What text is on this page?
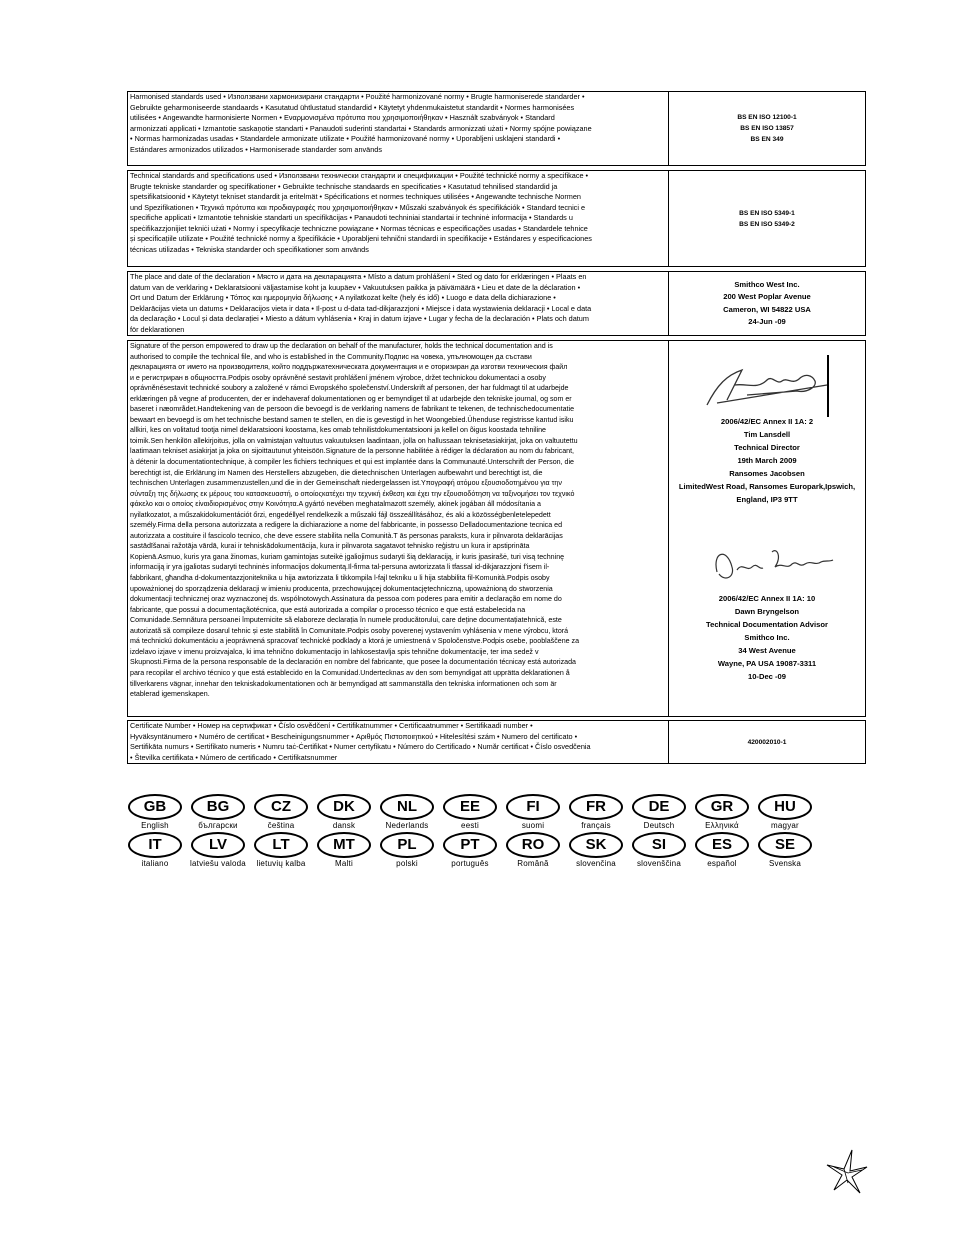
Harmonised standards used • Използвани хармонизирани стандарти • Použité harmonizované normy • Brugte harmoniserede standarder •
Gebruikte geharmoniseerde standaards • Kasutatud ühtlustatud standardid • Käytetyt yhdenmukaistetut standardit • Normes harmonisées
utilisées • Angewandte harmonisierte Normen • Εναρμονισμένα πρότυπα που χρησιμοποιήθηκαν • Használt szabványok • Standard
armonizzati applicati • Izmantotie saskaņotie standarti • Panaudoti suderinti standartai • Standards armonizzati użati • Normy spójne powiązane
• Normas harmonizadas usadas • Standardele armonizate utilizate • Použité harmonizované normy • Uporabljeni usklajeni standardi •
Estándares armonizados utilizados • Harmoniserade standarder som används
BS EN ISO 12100-1
BS EN ISO 13857
BS EN 349
Technical standards and specifications used • Използвани технически стандарти и спецификации • Použité technické normy a specifikace •
Brugte tekniske standarder og specifikationer • Gebruikte technische standaards en specificaties • Kasutatud tehnilised standardid ja
spetsifikatsioonid • Käytetyt tekniset standardit ja eritelmät • Spécifications et normes techniques utilisées • Angewandte technische Normen
und Spezifikationen • Τεχνικά πρότυπα και προδιαγραφές που χρησιμοποιήθηκαν • Műszaki szabványok és specifikációk • Standard tecnici e
specifiche applicati • Izmantotie tehniskie standarti un specifikācijas • Panaudoti techniniai standartai ir techninė informacija • Standards u
speċifikazzjonijiet tekniċi użati • Normy i specyfikacje techniczne powiązane • Normas técnicas e especificações usadas • Standardele tehnice
și specificațiile utilizate • Použité technické normy a špecifikácie • Uporabljeni tehnični standardi in specifikacije • Estándares y especificaciones
técnicas utilizadas • Tekniska standarder och specifikationer som används
BS EN ISO 5349-1
BS EN ISO 5349-2
The place and date of the declaration • Място и дата на декларацията • Místo a datum prohlášení • Sted og dato for erklæringen • Plaats en
datum van de verklaring • Deklaratsiooni väljastamise koht ja kuupäev • Vakuutuksen paikka ja päivämäärä • Lieu et date de la déclaration •
Ort und Datum der Erklärung • Τόπος και ημερομηνία δήλωσης • A nyilatkozat kelte (hely és idő) • Luogo e data della dichiarazione •
Deklarācijas vieta un datums • Deklaracijos vieta ir data • Il-post u d-data tad-dikjarazzjoni • Miejsce i data wystawienia deklaracji • Local e data
da declaração • Locul și data declarației • Miesto a dátum vyhlásenia • Kraj in datum izjave • Lugar y fecha de la declaración • Plats och datum
för deklarationen
Smithco West Inc.
200 West Poplar Avenue
Cameron, WI 54822 USA
24-Jun -09
Signature of the person empowered to draw up the declaration on behalf of the manufacturer, holds the technical documentation and is
authorised to compile the technical file, and who is established in the Community.Подпис на човека, упълномощен да състави
декларацията от името на производителя, който поддържатехническата документация и е оторизиран да изготви техническия файл
и е регистриран в общността.Podpis osoby oprávněné sestavit prohlášení jménem výrobce, držet technickou dokumentaci a osoby
oprávněnésestavit technické soubory a založené v rámci Evropského společenství.Underskrift af personen, der har fuldmagt til at udarbejde
erklæringen på vegne af producenten, der er indehaveraf dokumentationen og er bemyndiget til at udarbejde den tekniske journal, og som er
baseret i næområdet.Handtekening van de persoon die bevoegd is de verklaring namens de fabrikant te tekenen, de technischedocumentatie
bewaart en bevoegd is om het technische bestand samen te stellen, en die is gevestigd in het Woongebied.Ühenduse registrisse kantud isiku
allkiri, kes on volitatud tootja nimel deklaratsiooni koostama, kes omab tehnilistdokumentatsiooni ja kellel on õigus koostada tehniline
toimik.Sen henkilön allekirjoitus, jolla on valmistajan valtuutus vakuutuksen laadintaan, jolla on hallussaan teknisetasiakirjat, joka on valtuutettu
laatimaan tekniset asiakirjat ja joka on sijoittautunut yhteisöön.Signature de la personne habilitée à rédiger la déclaration au nom du fabricant,
à détenir la documentationtechnique, à compiler les fichiers techniques et qui est implantée dans la Communauté.Unterschrift der Person, die
berechtigt ist, die Erklärung im Namen des Herstellers abzugeben, die dietechnischen Unterlagen aufbewahrt und berechtigt ist, die
technischen Unterlagen zusammenzustellen,und die in der Gemeinschaft niedergelassen ist.Υπογραφή ατόμου εξουσιοδοτημένου για την
σύνταξη της δήλωσης εκ μέρους του κατασκευαστή, ο οποίοςκατέχει την τεχνική έκθεση και έχει την εξουσιοδότηση να ταξινομήσει τον τεχνικό
φάκελο και ο οποίος είναιδιορισμένος στην Κοινότητα.A gyártó nevében meghatalmazott személy, akinek jogában áll módosítania a
nyilatkozatot, a műszakidokumentációt őrzi, engedéllyel rendelkezik a műszaki fájl összeállításához, és aki a közösségbenletelepedett
személy.Firma della persona autorizzata a redigere la dichiarazione a nome del fabbricante, in possesso Delladocumentazione tecnica ed
autorizzata a costituire il fascicolo tecnico, che deve essere stabilita nella Comunità.T ās personas paraksts, kura ir pilnvarota deklarācijas
sastādīšanai ražotāja vārdā, kurai ir tehniskādokumentācija, kura ir pilnvarota sagatavot tehnisko reģistru un kura ir apstiprināta
Kopienā.Asmuo, kuris yra gana žinomas, kuriam gamintojas suteikė įgaliojimus sudaryti šią deklaraciją, ir kuris įpasirašė, turi visą techninę
informaciją ir yra įgaliotas sudaryti techninės informacijos dokumentą.Il-firma tal-persuna awtorizzata li tfassal id-dikjarazzjoni f'isem il-
fabbrikant, għandha d-dokumentazzjoniteknika u hija awtorizzata li tikkompila l-fajl tekniku u li hija stabbilita fil-Komunità.Podpis osoby
upoważnionej do sporządzenia deklaracji w imieniu producenta, przechowującej dokumentacjętechniczną, upoważnioną do stworzenia
dokumentacji technicznej oraz wyznaczonej ds. wspólnotowych.Assinatura da pessoa com poderes para emitir a declaração em nome do
fabricante, que possui a documentaçãotécnica, que está autorizada a compilar o processo técnico e que está estabelecida na
Comunidade.Semnătura persoanei împuternicite să elaboreze declarația în numele producătorului, care deține documentațiatehnică, este
autorizată să compileze dosarul tehnic și este stabilită în Comunitate.Podpis osoby poverenej vystavením vyhlásenia v mene výrobcu, ktorá
má technickú dokumentáciu a jeoprávnená spracovať technické podklady a ktorá je umiestnená v Spoločenstve.Podpis osebe, pooblaščene za
izdelavo izjave v imenu proizvajalca, ki ima tehnično dokumentacijo in lahkosestavlja spis tehnične dokumentacije, ter ima sedež v
Skupnosti.Firma de la persona responsable de la declaración en nombre del fabricante, que posee la documentación técnicay está autorizada
para recopilar el archivo técnico y que está establecido en la Comunidad.Undertecknas av den som bemyndigat att upprätta deklarationen å
tillverkarens vägnar, innehar den tekniskadokumentationen och är bemyndigad att sammanställa den tekniska informationen och som är
etablerad igemenskapen.
2006/42/EC Annex II 1A: 2
Tim Lansdell
Technical Director
19th March 2009
Ransomes Jacobsen
LimitedWest Road, Ransomes Europark,Ipswich,
England, IP3 9TT
2006/42/EC Annex II 1A: 10
Dawn Bryngelson
Technical Documentation Advisor
Smithco Inc.
34 West Avenue
Wayne, PA USA 19087-3311
10-Dec -09
Certificate Number • Номер на сертификат • Číslo osvědčení • Certifikatnummer • Certificaatnummer • Sertifikaadi number •
Hyväksyntänumero • Numéro de certificat • Bescheinigungsnummer • Αριθμός Πιστοποιητικού • Hitelesítési szám • Numero del certificato •
Sertifikāta numurs • Sertifikato numeris • Numru taċ-Ċertifikat • Numer certyfikatu • Número do Certificado • Număr certificat • Číslo osvedčenia
• Številka certifikata • Número de certificado • Certifikatsnummer
420002010-1
GB
English
BG
български
CZ
čeština
DK
dansk
NL
Nederlands
EE
eesti
FI
suomi
FR
français
DE
Deutsch
GR
Ελληνικά
HU
magyar
IT
italiano
LV
latviešu valoda
LT
lietuvių kalba
MT
Malti
PL
polski
PT
português
RO
Română
SK
slovenčina
SI
slovenščina
ES
español
SE
Svenska
